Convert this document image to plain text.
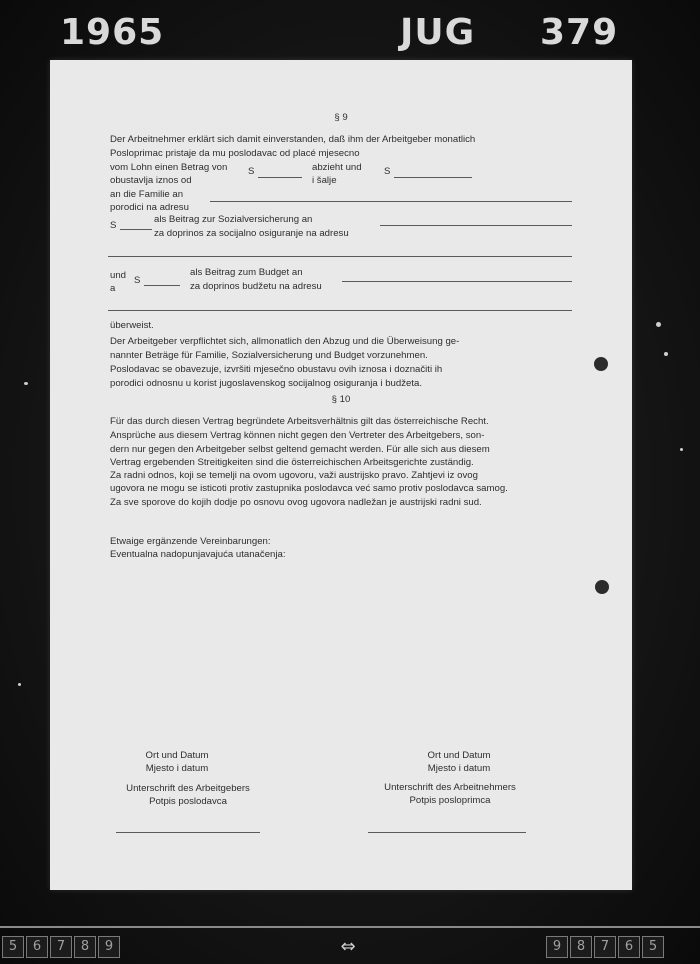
1965	JUG 379
§ 9
Der Arbeitnehmer erklärt sich damit einverstanden, daß ihm der Arbeitgeber monatlich
Posloprimac pristaje da mu poslodavac od placé mjesecno
vom Lohn einen Betrag von
obustavlja iznos od
S	abzieht und
i šalje
S
an die Familie an
porodici na adresu
S
als Beitrag zur Sozialversicherung an
za doprinos za socijalno osiguranje na adresu
und
a
S
als Beitrag zum Budget an
za doprinos budžetu na adresu
überweist.
Der Arbeitgeber verpflichtet sich, allmonatlich den Abzug und die Überweisung ge-
nannter Beträge für Familie, Sozialversicherung und Budget vorzunehmen.
Poslodavac se obavezuje, izvršiti mjesečno obustavu ovih iznosa i doznačiti ih
porodici odnosnu u korist jugoslavenskog socijalnog osiguranja i budžeta.
§ 10
Für das durch diesen Vertrag begründete Arbeitsverhältnis gilt das österreichische Recht.
Ansprüche aus diesem Vertrag können nicht gegen den Vertreter des Arbeitgebers, son-
dern nur gegen den Arbeitgeber selbst geltend gemacht werden. Für alle sich aus diesem
Vertrag ergebenden Streitigkeiten sind die österreichischen Arbeitsgerichte zuständig.
Za radni odnos, koji se temelji na ovom ugovoru, važi austrijsko pravo. Zahtjevi iz ovog
ugovora ne mogu se isticoti protiv zastupnika poslodavca već samo protiv poslodavca samog.
Za sve sporove do kojih dodje po osnovu ovog ugovora nadležan je austrijski radni sud.
Etwaige ergänzende Vereinbarungen:
Eventualna nadopunjavajuća utanačenja:
Ort und Datum
Mjesto i datum
Unterschrift des Arbeitgebers
Potpis poslodavca
Ort und Datum
Mjesto i datum
Unterschrift des Arbeitnehmers
Potpis posloprimca
5	6	7	8	9	⇔	9	8	7	6	5
